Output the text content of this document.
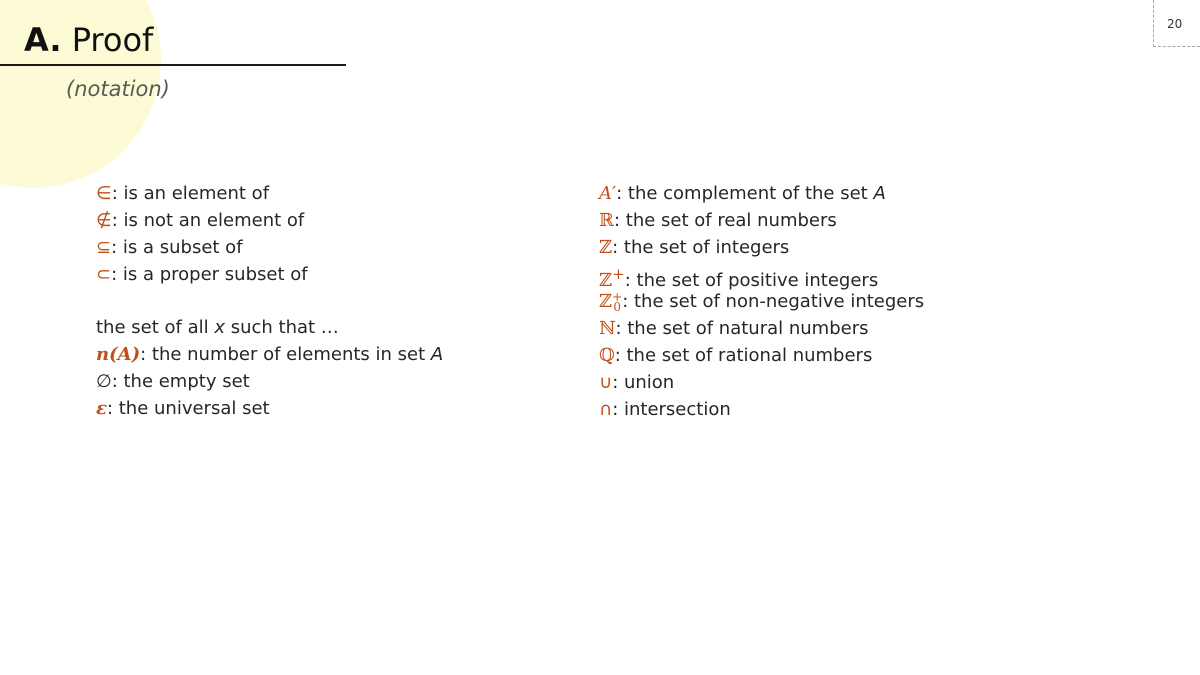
A. Proof
(notation)
20
∈: is an element of
∉: is not an element of
⊆: is a subset of
⊂: is a proper subset of
the set of all x such that …
n(A): the number of elements in set A
∅: the empty set
ε: the universal set
A′: the complement of the set A
ℝ: the set of real numbers
ℤ: the set of integers
ℤ+: the set of positive integers
ℤ +
0 : the set of non-negative integers
ℕ: the set of natural numbers
ℚ: the set of rational numbers
∪: union
∩: intersection
